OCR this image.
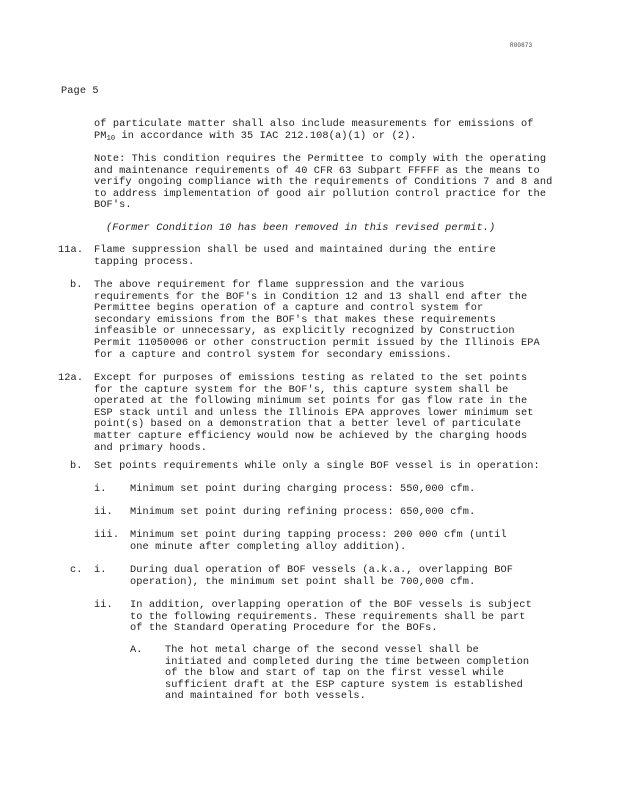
R00873
Page 5
of particulate matter shall also include measurements for emissions of
$PM_{10}$ in accordance with 35 IAC 212.108(a)(1) or (2).
Note: This condition requires the Permittee to comply with the operating
and maintenance requirements of 40 CFR 63 Subpart FFFFF as the means to
verify ongoing compliance with the requirements of Conditions 7 and 8 and
to address implementation of good air pollution control practice for the
BOF's.
(Former Condition 10 has been removed in this revised permit.)
11a. Flame suppression shall be used and maintained during the entire
tapping process.
b. The above requirement for flame suppression and the various
requirements for the BOF's in Condition 12 and 13 shall end after the
Permittee begins operation of a capture and control system for
secondary emissions from the BOF's that makes these requirements
infeasible or unnecessary, as explicitly recognized by Construction
Permit 11050006 or other construction permit issued by the Illinois EPA
for a capture and control system for secondary emissions.
12a. Except for purposes of emissions testing as related to the set points
for the capture system for the BOF's, this capture system shall be
operated at the following minimum set points for gas flow rate in the
ESP stack until and unless the Illinois EPA approves lower minimum set
point(s) based on a demonstration that a better level of particulate
matter capture efficiency would now be achieved by the charging hoods
and primary hoods.
b. Set points requirements while only a single BOF vessel is in operation:
i. Minimum set point during charging process: 550,000 cfm.
ii. Minimum set point during refining process: 650,000 cfm.
iii. Minimum set point during tapping process: 200 000 cfm (until
one minute after completing alloy addition).
c. i. During dual operation of BOF vessels (a.k.a., overlapping BOF
operation), the minimum set point shall be 700,000 cfm.
ii. In addition, overlapping operation of the BOF vessels is subject
to the following requirements. These requirements shall be part
of the Standard Operating Procedure for the BOFs.
A. The hot metal charge of the second vessel shall be
initiated and completed during the time between completion
of the blow and start of tap on the first vessel while
sufficient draft at the ESP capture system is established
and maintained for both vessels.
